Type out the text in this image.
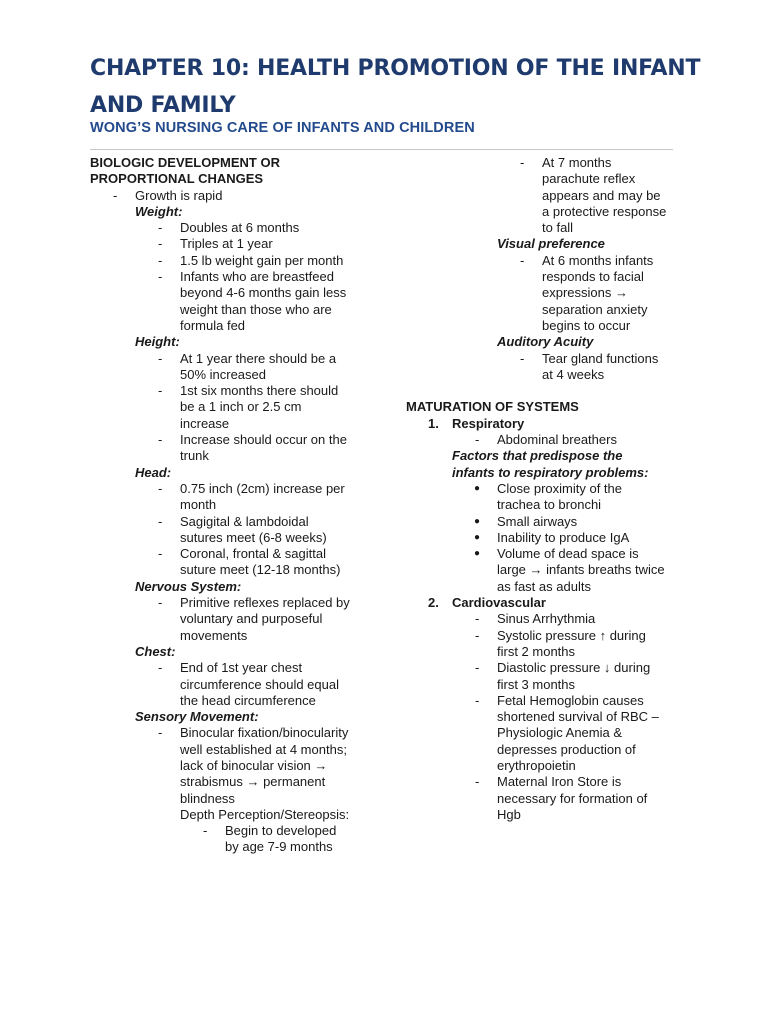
CHAPTER 10: HEALTH PROMOTION OF THE INFANT
AND FAMILY
WONG’S NURSING CARE OF INFANTS AND CHILDREN
BIOLOGIC DEVELOPMENT OR
PROPORTIONAL CHANGES
- Growth is rapid
Weight:
- Doubles at 6 months
- Triples at 1 year
- 1.5 lb weight gain per month
- Infants who are breastfeed
beyond 4-6 months gain less
weight than those who are
formula fed
Height:
- At 1 year there should be a
50% increased
- 1st six months there should
be a 1 inch or 2.5 cm
increase
- Increase should occur on the
trunk
Head:
- 0.75 inch (2cm) increase per
month
- Sagigital & lambdoidal
sutures meet (6-8 weeks)
- Coronal, frontal & sagittal
suture meet (12-18 months)
Nervous System:
- Primitive reflexes replaced by
voluntary and purposeful
movements
Chest:
- End of 1st year chest
circumference should equal
the head circumference
Sensory Movement:
- Binocular fixation/binocularity
well established at 4 months;
lack of binocular vision →
strabismus → permanent
blindness
Depth Perception/Stereopsis:
- Begin to developed
by age 7-9 months
- At 7 months
parachute reflex
appears and may be
a protective response
to fall
Visual preference
- At 6 months infants
responds to facial
expressions →
separation anxiety
begins to occur
Auditory Acuity
- Tear gland functions
at 4 weeks
MATURATION OF SYSTEMS
1. Respiratory
- Abdominal breathers
Factors that predispose the
infants to respiratory problems:
● Close proximity of the
trachea to bronchi
● Small airways
● Inability to produce IgA
● Volume of dead space is
large → infants breaths twice
as fast as adults
2. Cardiovascular
- Sinus Arrhythmia
- Systolic pressure ↑ during
first 2 months
- Diastolic pressure ↓ during
first 3 months
- Fetal Hemoglobin causes
shortened survival of RBC –
Physiologic Anemia &
depresses production of
erythropoietin
- Maternal Iron Store is
necessary for formation of
Hgb
